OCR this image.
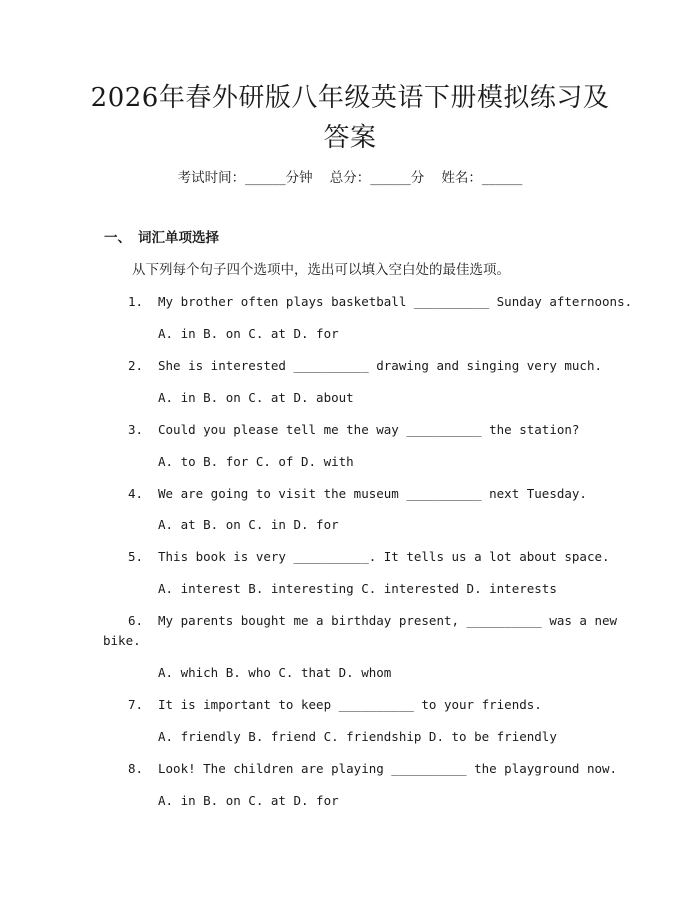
2026年春外研版八年级英语下册模拟练习及
答案
考试时间：______分钟    总分：______分    姓名：______
一、 词汇单项选择
从下列每个句子四个选项中，选出可以填入空白处的最佳选项。
1. My brother often plays basketball __________ Sunday afternoons.
A. in B. on C. at D. for
2. She is interested __________ drawing and singing very much.
A. in B. on C. at D. about
3. Could you please tell me the way __________ the station?
A. to B. for C. of D. with
4. We are going to visit the museum __________ next Tuesday.
A. at B. on C. in D. for
5. This book is very __________. It tells us a lot about space.
A. interest B. interesting C. interested D. interests
6. My parents bought me a birthday present, __________ was a new
bike.
A. which B. who C. that D. whom
7. It is important to keep __________ to your friends.
A. friendly B. friend C. friendship D. to be friendly
8. Look! The children are playing __________ the playground now.
A. in B. on C. at D. for
